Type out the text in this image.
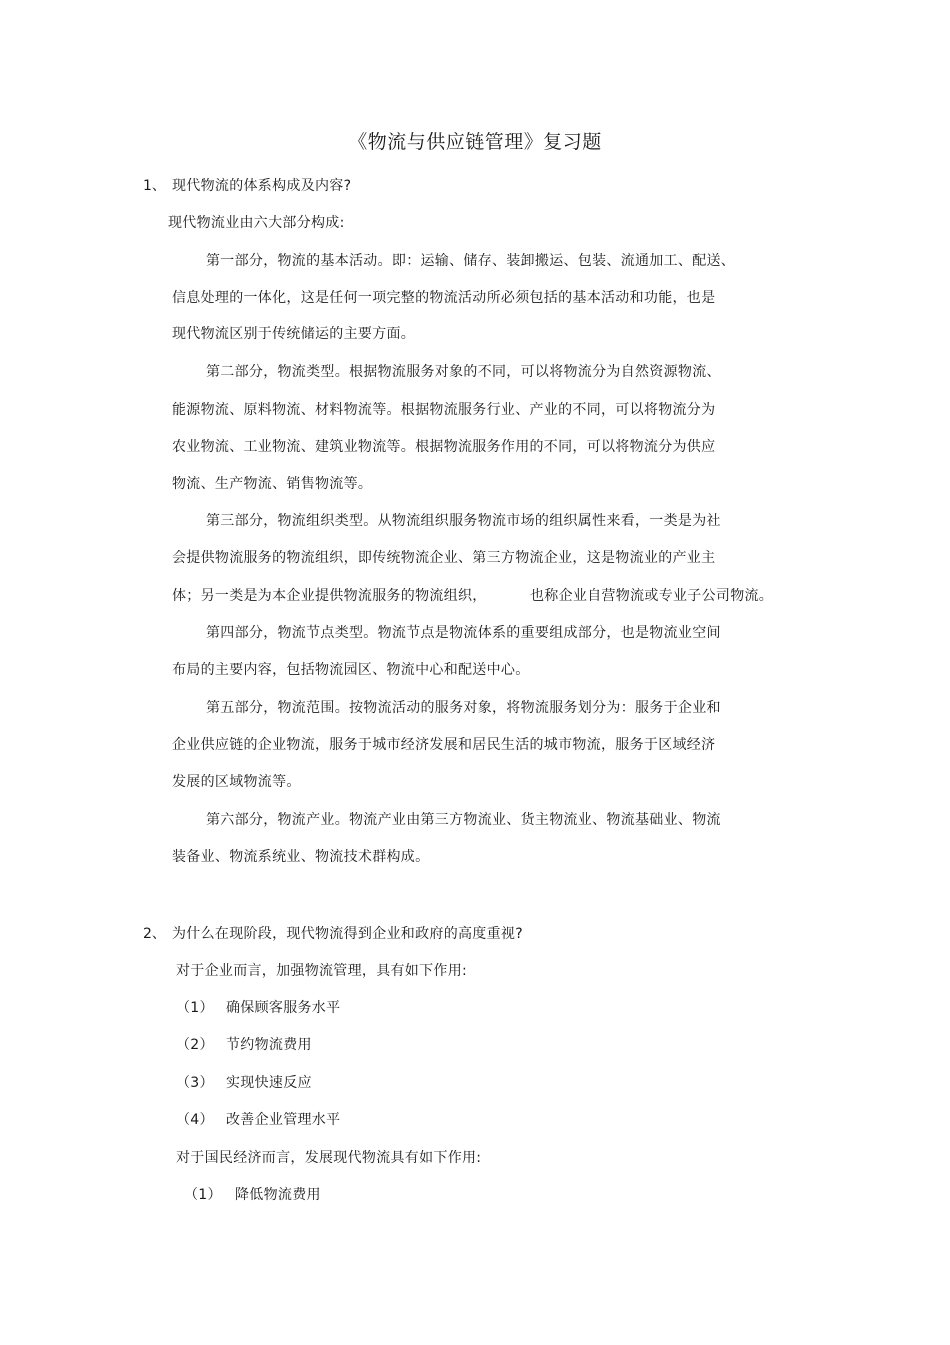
《物流与供应链管理》复习题
1、 现代物流的体系构成及内容?
现代物流业由六大部分构成:
第一部分，物流的基本活动。即：运输、储存、装卸搬运、包装、流通加工、配送、
信息处理的一体化，这是任何一项完整的物流活动所必须包括的基本活动和功能，也是
现代物流区别于传统储运的主要方面。
第二部分，物流类型。根据物流服务对象的不同，可以将物流分为自然资源物流、
能源物流、原料物流、材料物流等。根据物流服务行业、产业的不同，可以将物流分为
农业物流、工业物流、建筑业物流等。根据物流服务作用的不同，可以将物流分为供应
物流、生产物流、销售物流等。
第三部分，物流组织类型。从物流组织服务物流市场的组织属性来看，一类是为社
会提供物流服务的物流组织，即传统物流企业、第三方物流企业，这是物流业的产业主
体；另一类是为本企业提供物流服务的物流组织，	也称企业自营物流或专业子公司物流。
第四部分，物流节点类型。物流节点是物流体系的重要组成部分，也是物流业空间
布局的主要内容，包括物流园区、物流中心和配送中心。
第五部分，物流范围。按物流活动的服务对象，将物流服务划分为：服务于企业和
企业供应链的企业物流，服务于城市经济发展和居民生活的城市物流，服务于区域经济
发展的区域物流等。
第六部分，物流产业。物流产业由第三方物流业、货主物流业、物流基础业、物流
装备业、物流系统业、物流技术群构成。
2、 为什么在现阶段，现代物流得到企业和政府的高度重视?
对于企业而言，加强物流管理，具有如下作用:
（1） 确保顾客服务水平
（2） 节约物流费用
（3） 实现快速反应
（4） 改善企业管理水平
对于国民经济而言，发展现代物流具有如下作用:
（1） 降低物流费用
